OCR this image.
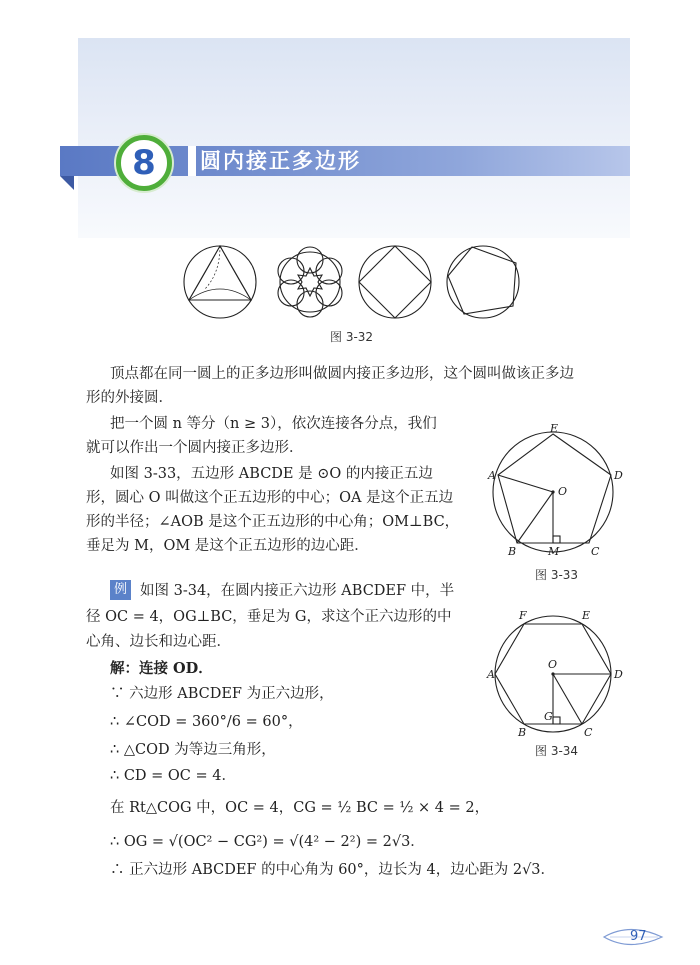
8	圆内接正多边形
图 3-32
顶点都在同一圆上的正多边形叫做圆内接正多边形，这个圆叫做该正多边
形的外接圆．
把一个圆 n 等分（n ≥ 3），依次连接各分点，我们
就可以作出一个圆内接正多边形．
如图 3-33，五边形 ABCDE 是 ⊙O 的内接正五边
形，圆心 O 叫做这个正五边形的中心；OA 是这个正五边
形的半径；∠AOB 是这个正五边形的中心角；OM⊥BC，
垂足为 M，OM 是这个正五边形的边心距．
E
A	D
O
B	M	C
图 3-33
例 如图 3-34，在圆内接正六边形 ABCDEF 中，半
径 OC = 4，OG⊥BC，垂足为 G，求这个正六边形的中
心角、边长和边心距．
解：连接 OD．
∵ 六边形 ABCDEF 为正六边形，
∴ ∠COD = 360°/6 = 60°，
∴ △COD 为等边三角形，
∴ CD = OC = 4．
在 Rt△COG 中，OC = 4，CG = ½ BC = ½ × 4 = 2，
∴ OG = √(OC² − CG²) = √(4² − 2²) = 2√3．
∴ 正六边形 ABCDEF 的中心角为 60°，边长为 4，边心距为 2√3．
F	E
A
O
D
G
B	C
图 3-34
97
